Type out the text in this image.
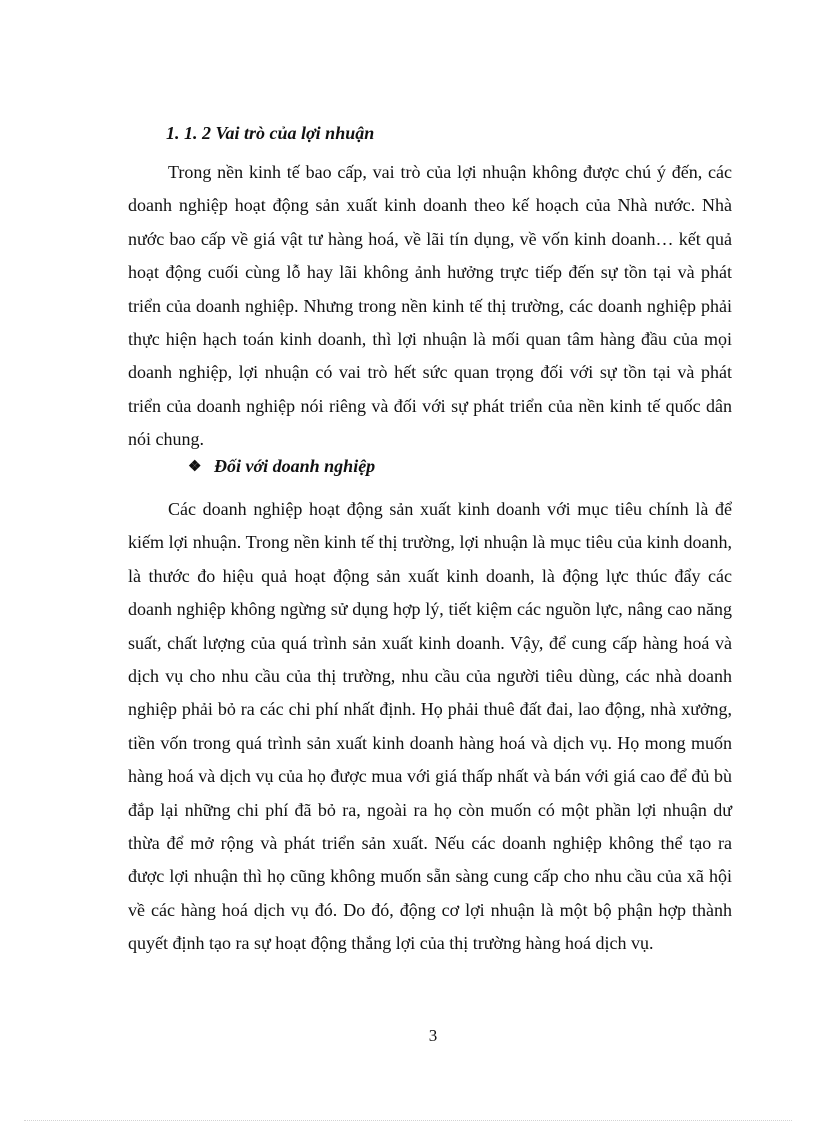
1. 1. 2 Vai trò của lợi nhuận

Trong nền kinh tế bao cấp, vai trò của lợi nhuận không được chú ý đến, các doanh nghiệp hoạt động sản xuất kinh doanh theo kế hoạch của Nhà nước. Nhà nước bao cấp về giá vật tư hàng hoá, về lãi tín dụng, về vốn kinh doanh… kết quả hoạt động cuối cùng lỗ hay lãi không ảnh hưởng trực tiếp đến sự tồn tại và phát triển của doanh nghiệp. Nhưng trong nền kinh tế thị trường, các doanh nghiệp phải thực hiện hạch toán kinh doanh, thì lợi nhuận là mối quan tâm hàng đầu của mọi doanh nghiệp, lợi nhuận có vai trò hết sức quan trọng đối với sự tồn tại và phát triển của doanh nghiệp nói riêng và đối với sự phát triển của nền kinh tế quốc dân nói chung.

❖ Đối với doanh nghiệp

Các doanh nghiệp hoạt động sản xuất kinh doanh với mục tiêu chính là để kiếm lợi nhuận. Trong nền kinh tế thị trường, lợi nhuận là mục tiêu của kinh doanh, là thước đo hiệu quả hoạt động sản xuất kinh doanh, là động lực thúc đẩy các doanh nghiệp không ngừng sử dụng hợp lý, tiết kiệm các nguồn lực, nâng cao năng suất, chất lượng của quá trình sản xuất kinh doanh. Vậy, để cung cấp hàng hoá và dịch vụ cho nhu cầu của thị trường, nhu cầu của người tiêu dùng, các nhà doanh nghiệp phải bỏ ra các chi phí nhất định. Họ phải thuê đất đai, lao động, nhà xưởng, tiền vốn trong quá trình sản xuất kinh doanh hàng hoá và dịch vụ. Họ mong muốn hàng hoá và dịch vụ của họ được mua với giá thấp nhất và bán với giá cao để đủ bù đắp lại những chi phí đã bỏ ra, ngoài ra họ còn muốn có một phần lợi nhuận dư thừa để mở rộng và phát triển sản xuất. Nếu các doanh nghiệp không thể tạo ra được lợi nhuận thì họ cũng không muốn sẵn sàng cung cấp cho nhu cầu của xã hội về các hàng hoá dịch vụ đó. Do đó, động cơ lợi nhuận là một bộ phận hợp thành quyết định tạo ra sự hoạt động thắng lợi của thị trường hàng hoá dịch vụ.

3
